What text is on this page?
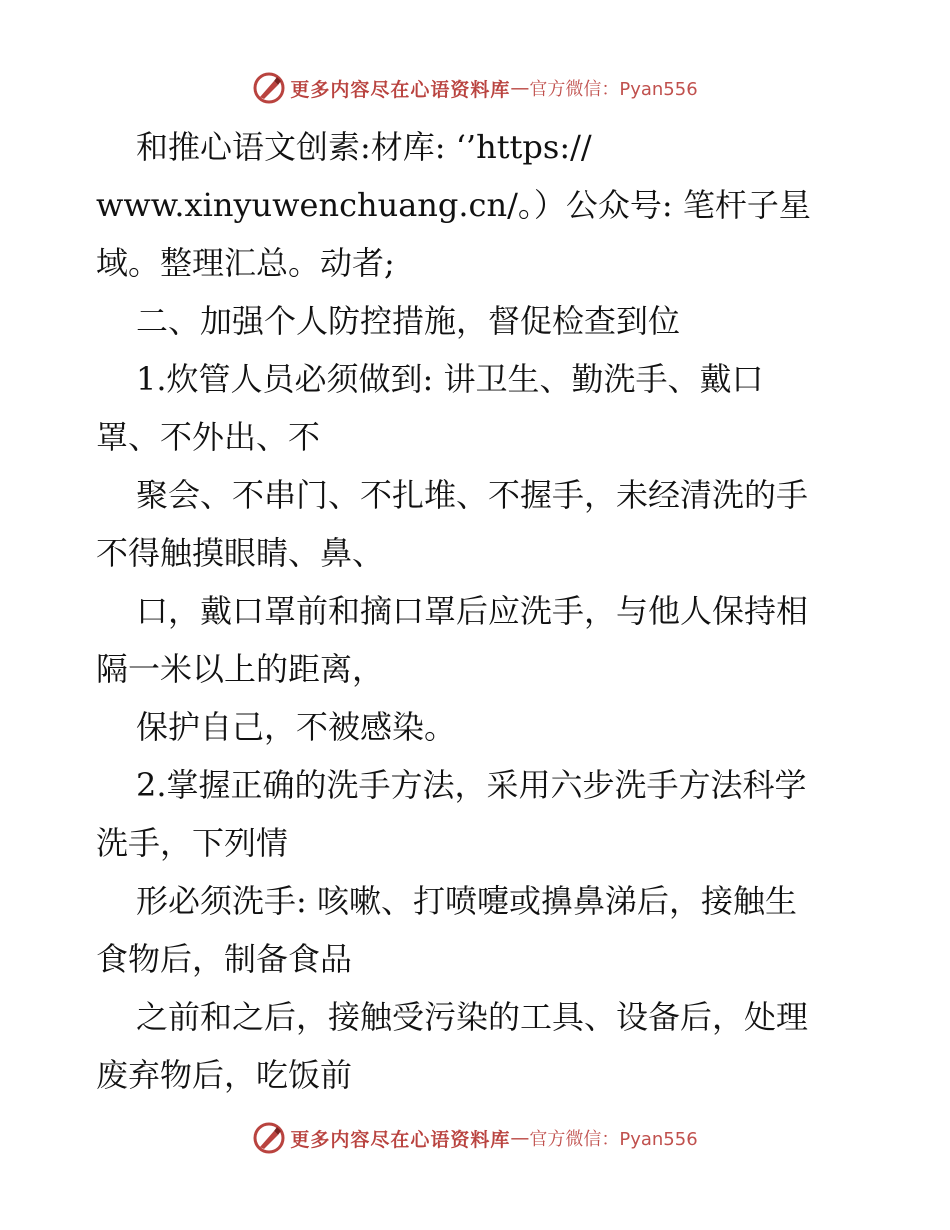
更多内容尽在心语资料库 — 官方微信：Pyan556
和推心语文创素:材库: ‘’https://
www.xinyuwenchuang.cn/。）公众号: 笔杆子星
域。整理汇总。动者;
二、加强个人防控措施，督促检查到位
1.炊管人员必须做到: 讲卫生、勤洗手、戴口
罩、不外出、不
聚会、不串门、不扎堆、不握手，未经清洗的手
不得触摸眼睛、鼻、
口，戴口罩前和摘口罩后应洗手，与他人保持相
隔一米以上的距离，
保护自己，不被感染。
2.掌握正确的洗手方法，采用六步洗手方法科学
洗手，下列情
形必须洗手: 咳嗽、打喷嚏或擤鼻涕后，接触生
食物后，制备食品
之前和之后，接触受污染的工具、设备后，处理
废弃物后，吃饭前
更多内容尽在心语资料库 — 官方微信：Pyan556
